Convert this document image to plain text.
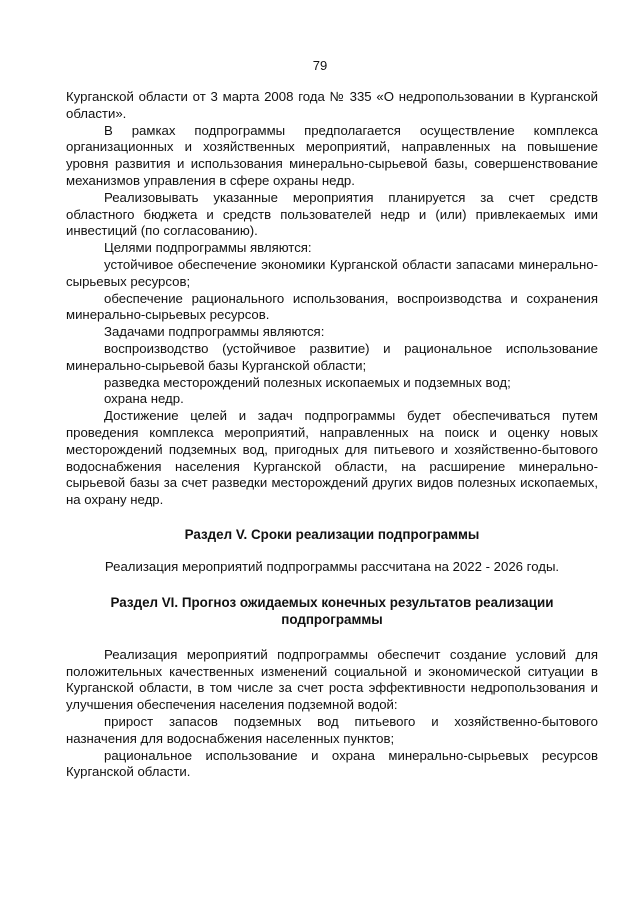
79

Курганской области от 3 марта 2008 года № 335 «О недропользовании в Курганской области».

В рамках подпрограммы предполагается осуществление комплекса организационных и хозяйственных мероприятий, направленных на повышение уровня развития и использования минерально-сырьевой базы, совершенствование механизмов управления в сфере охраны недр.

Реализовывать указанные мероприятия планируется за счет средств областного бюджета и средств пользователей недр и (или) привлекаемых ими инвестиций (по согласованию).

Целями подпрограммы являются:

устойчивое обеспечение экономики Курганской области запасами минерально-сырьевых ресурсов;

обеспечение рационального использования, воспроизводства и сохранения минерально-сырьевых ресурсов.

Задачами подпрограммы являются:

воспроизводство (устойчивое развитие) и рациональное использование минерально-сырьевой базы Курганской области;

разведка месторождений полезных ископаемых и подземных вод;

охрана недр.

Достижение целей и задач подпрограммы будет обеспечиваться путем проведения комплекса мероприятий, направленных на поиск и оценку новых месторождений подземных вод, пригодных для питьевого и хозяйственно-бытового водоснабжения населения Курганской области, на расширение минерально-сырьевой базы за счет разведки месторождений других видов полезных ископаемых, на охрану недр.

Раздел V. Сроки реализации подпрограммы

Реализация мероприятий подпрограммы рассчитана на 2022 - 2026 годы.

Раздел VI. Прогноз ожидаемых конечных результатов реализации подпрограммы

Реализация мероприятий подпрограммы обеспечит создание условий для положительных качественных изменений социальной и экономической ситуации в Курганской области, в том числе за счет роста эффективности недропользования и улучшения обеспечения населения подземной водой:

прирост запасов подземных вод питьевого и хозяйственно-бытового назначения для водоснабжения населенных пунктов;

рациональное использование и охрана минерально-сырьевых ресурсов Курганской области.
